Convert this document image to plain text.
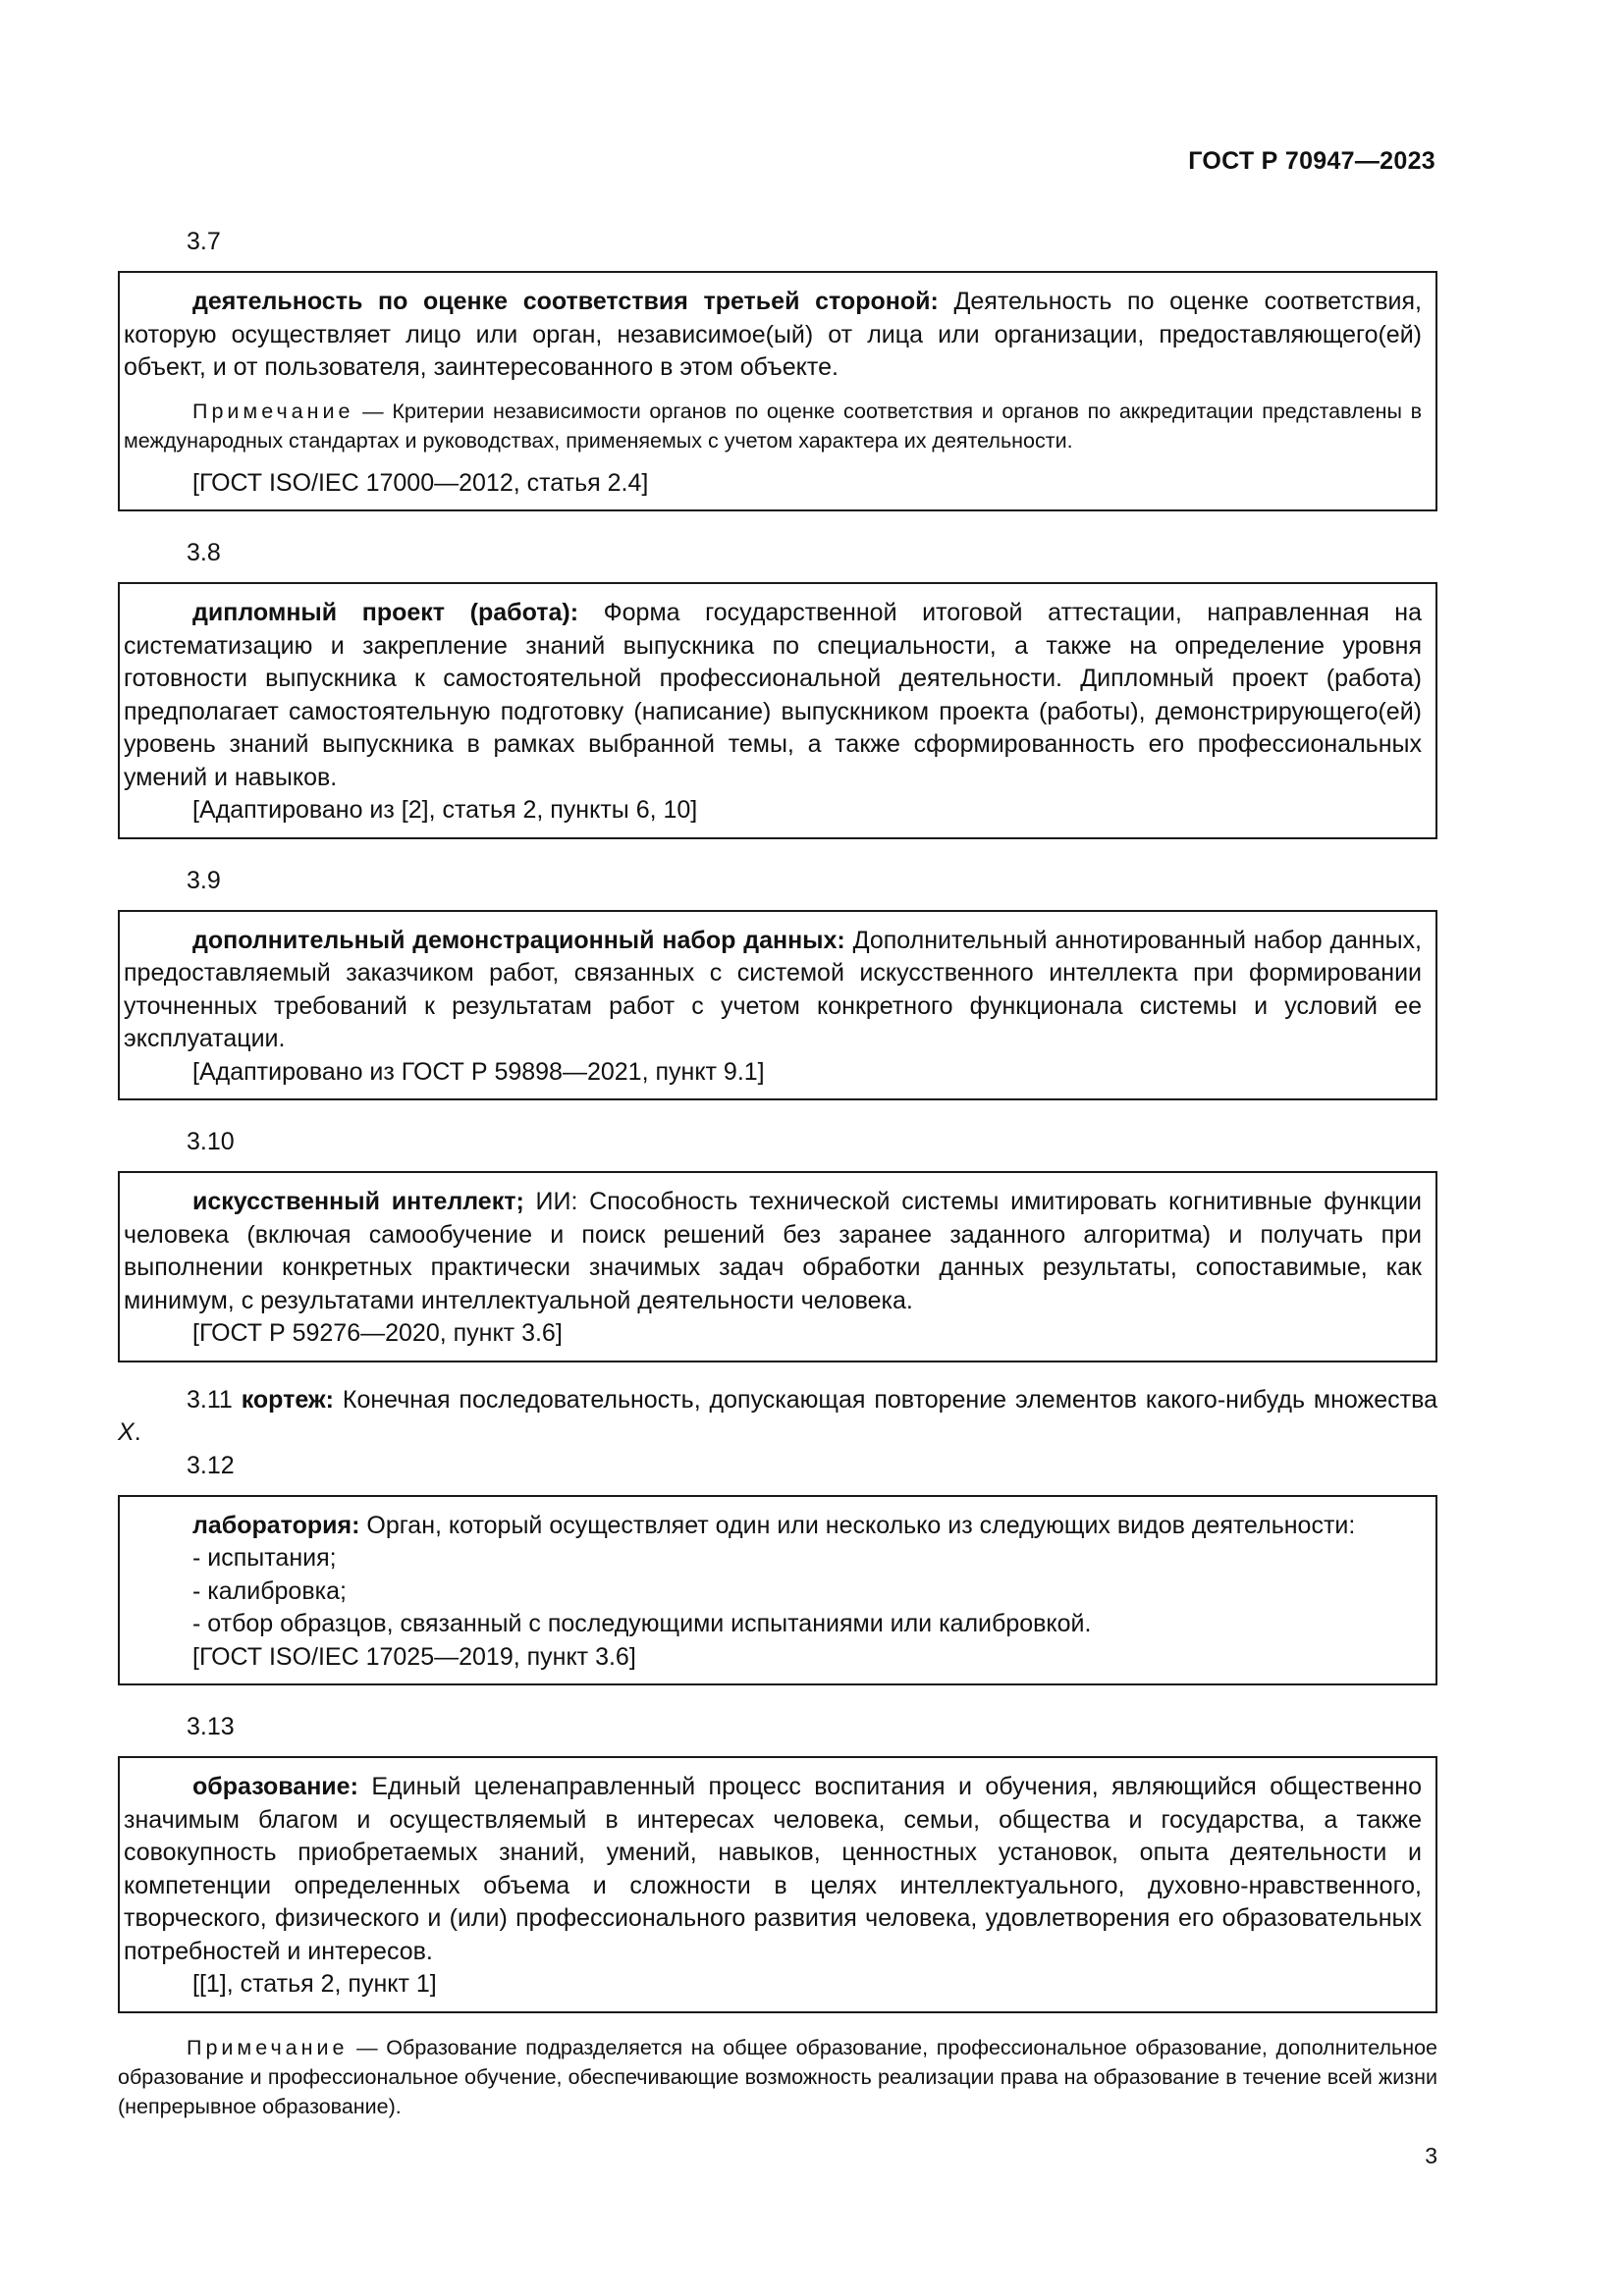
ГОСТ Р 70947—2023
3.7

деятельность по оценке соответствия третьей стороной: Деятельность по оценке соответствия, которую осуществляет лицо или орган, независимое(ый) от лица или организации, предоставляющего(ей) объект, и от пользователя, заинтересованного в этом объекте.

Примечание — Критерии независимости органов по оценке соответствия и органов по аккредитации представлены в международных стандартах и руководствах, применяемых с учетом характера их деятельности.

[ГОСТ ISO/IEC 17000—2012, статья 2.4]

3.8

дипломный проект (работа): Форма государственной итоговой аттестации, направленная на систематизацию и закрепление знаний выпускника по специальности, а также на определение уровня готовности выпускника к самостоятельной профессиональной деятельности. Дипломный проект (работа) предполагает самостоятельную подготовку (написание) выпускником проекта (работы), демонстрирующего(ей) уровень знаний выпускника в рамках выбранной темы, а также сформированность его профессиональных умений и навыков.

[Адаптировано из [2], статья 2, пункты 6, 10]

3.9

дополнительный демонстрационный набор данных: Дополнительный аннотированный набор данных, предоставляемый заказчиком работ, связанных с системой искусственного интеллекта при формировании уточненных требований к результатам работ с учетом конкретного функционала системы и условий ее эксплуатации.

[Адаптировано из ГОСТ Р 59898—2021, пункт 9.1]

3.10

искусственный интеллект; ИИ: Способность технической системы имитировать когнитивные функции человека (включая самообучение и поиск решений без заранее заданного алгоритма) и получать при выполнении конкретных практически значимых задач обработки данных результаты, сопоставимые, как минимум, с результатами интеллектуальной деятельности человека.

[ГОСТ Р 59276—2020, пункт 3.6]

3.11 кортеж: Конечная последовательность, допускающая повторение элементов какого-нибудь множества X.

3.12

лаборатория: Орган, который осуществляет один или несколько из следующих видов деятельности:

- испытания;

- калибровка;

- отбор образцов, связанный с последующими испытаниями или калибровкой.

[ГОСТ ISO/IEC 17025—2019, пункт 3.6]

3.13

образование: Единый целенаправленный процесс воспитания и обучения, являющийся общественно значимым благом и осуществляемый в интересах человека, семьи, общества и государства, а также совокупность приобретаемых знаний, умений, навыков, ценностных установок, опыта деятельности и компетенции определенных объема и сложности в целях интеллектуального, духовно-нравственного, творческого, физического и (или) профессионального развития человека, удовлетворения его образовательных потребностей и интересов.

[[1], статья 2, пункт 1]

Примечание — Образование подразделяется на общее образование, профессиональное образование, дополнительное образование и профессиональное обучение, обеспечивающие возможность реализации права на образование в течение всей жизни (непрерывное образование).

3
